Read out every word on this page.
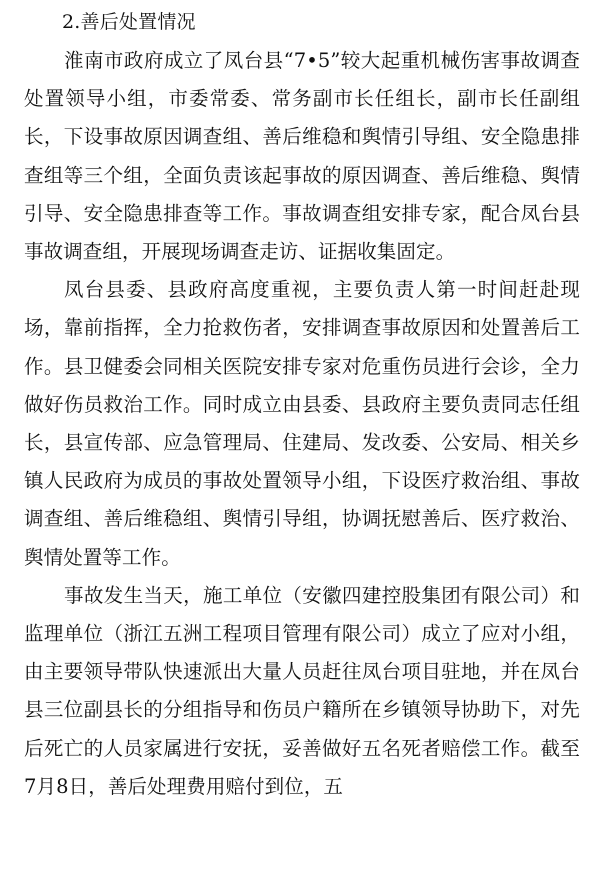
2.善后处置情况

淮南市政府成立了凤台县“7•5”较大起重机械伤害事故调查处置领导小组，市委常委、常务副市长任组长，副市长任副组长，下设事故原因调查组、善后维稳和舆情引导组、安全隐患排查组等三个组，全面负责该起事故的原因调查、善后维稳、舆情引导、安全隐患排查等工作。事故调查组安排专家，配合凤台县事故调查组，开展现场调查走访、证据收集固定。

凤台县委、县政府高度重视，主要负责人第一时间赶赴现场，靠前指挥，全力抢救伤者，安排调查事故原因和处置善后工作。县卫健委会同相关医院安排专家对危重伤员进行会诊，全力做好伤员救治工作。同时成立由县委、县政府主要负责同志任组长，县宣传部、应急管理局、住建局、发改委、公安局、相关乡镇人民政府为成员的事故处置领导小组，下设医疗救治组、事故调查组、善后维稳组、舆情引导组，协调抚慰善后、医疗救治、舆情处置等工作。

事故发生当天，施工单位（安徽四建控股集团有限公司）和监理单位（浙江五洲工程项目管理有限公司）成立了应对小组，由主要领导带队快速派出大量人员赶往凤台项目驻地，并在凤台县三位副县长的分组指导和伤员户籍所在乡镇领导协助下，对先后死亡的人员家属进行安抚，妥善做好五名死者赔偿工作。截至7月8日，善后处理费用赔付到位，五
